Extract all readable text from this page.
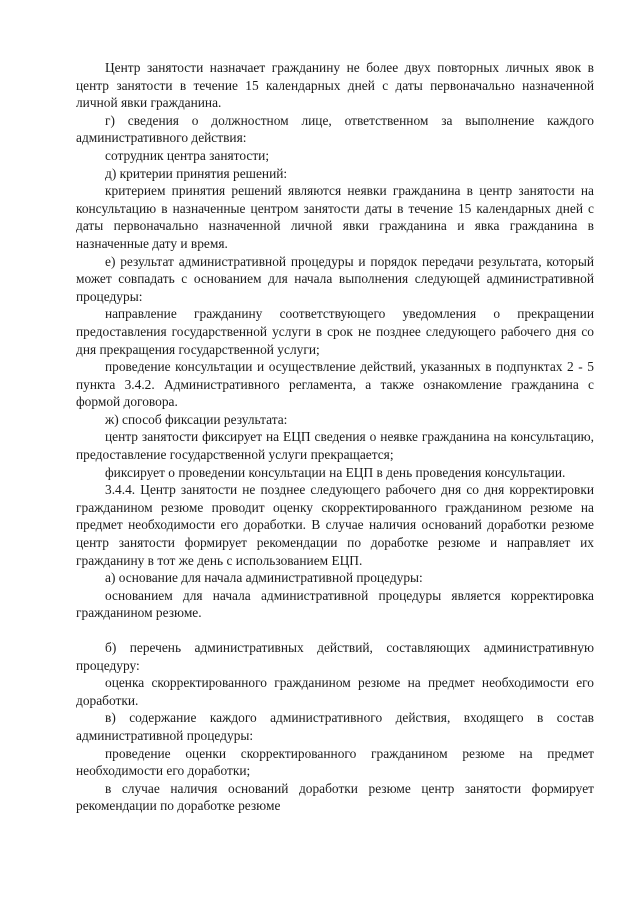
Центр занятости назначает гражданину не более двух повторных личных явок в центр занятости в течение 15 календарных дней с даты первоначально назначенной личной явки гражданина.

г) сведения о должностном лице, ответственном за выполнение каждого административного действия:

сотрудник центра занятости;

д) критерии принятия решений:

критерием принятия решений являются неявки гражданина в центр занятости на консультацию в назначенные центром занятости даты в течение 15 календарных дней с даты первоначально назначенной личной явки гражданина и явка гражданина в назначенные дату и время.

е) результат административной процедуры и порядок передачи результата, который может совпадать с основанием для начала выполнения следующей административной процедуры:

направление гражданину соответствующего уведомления о прекращении предоставления государственной услуги в срок не позднее следующего рабочего дня со дня прекращения государственной услуги;

проведение консультации и осуществление действий, указанных в подпунктах 2 - 5 пункта 3.4.2. Административного регламента, а также ознакомление гражданина с формой договора.

ж) способ фиксации результата:

центр занятости фиксирует на ЕЦП сведения о неявке гражданина на консультацию, предоставление государственной услуги прекращается;

фиксирует о проведении консультации на ЕЦП в день проведения консультации.

3.4.4. Центр занятости не позднее следующего рабочего дня со дня корректировки гражданином резюме проводит оценку скорректированного гражданином резюме на предмет необходимости его доработки. В случае наличия оснований доработки резюме центр занятости формирует рекомендации по доработке резюме и направляет их гражданину в тот же день с использованием ЕЦП.

а) основание для начала административной процедуры:

основанием для начала административной процедуры является корректировка гражданином резюме.

б) перечень административных действий, составляющих административную процедуру:

оценка скорректированного гражданином резюме на предмет необходимости его доработки.

в) содержание каждого административного действия, входящего в состав административной процедуры:

проведение оценки скорректированного гражданином резюме на предмет необходимости его доработки;

в случае наличия оснований доработки резюме центр занятости формирует рекомендации по доработке резюме
